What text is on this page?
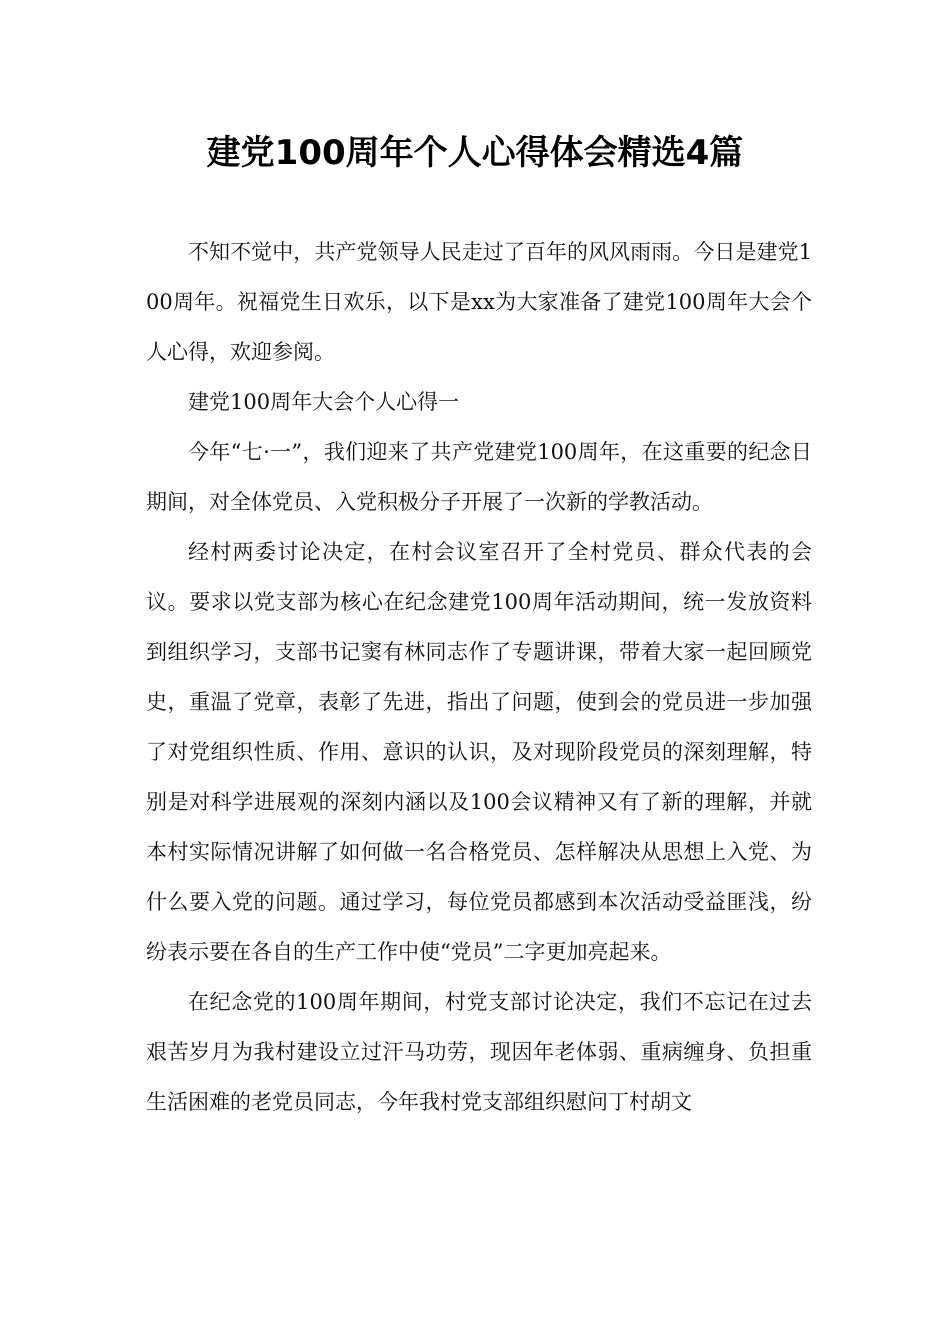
建党100周年个人心得体会精选4篇

不知不觉中，共产党领导人民走过了百年的风风雨雨。今日是建党100周年。祝福党生日欢乐，以下是xx为大家准备了建党100周年大会个人心得，欢迎参阅。

建党100周年大会个人心得一

今年“七·一”，我们迎来了共产党建党100周年，在这重要的纪念日期间，对全体党员、入党积极分子开展了一次新的学教活动。

经村两委讨论决定，在村会议室召开了全村党员、群众代表的会议。要求以党支部为核心在纪念建党100周年活动期间，统一发放资料到组织学习，支部书记窦有林同志作了专题讲课，带着大家一起回顾党史，重温了党章，表彰了先进，指出了问题，使到会的党员进一步加强了对党组织性质、作用、意识的认识，及对现阶段党员的深刻理解，特别是对科学进展观的深刻内涵以及100会议精神又有了新的理解，并就本村实际情况讲解了如何做一名合格党员、怎样解决从思想上入党、为什么要入党的问题。通过学习，每位党员都感到本次活动受益匪浅，纷纷表示要在各自的生产工作中使“党员”二字更加亮起来。

在纪念党的100周年期间，村党支部讨论决定，我们不忘记在过去艰苦岁月为我村建设立过汗马功劳，现因年老体弱、重病缠身、负担重生活困难的老党员同志，今年我村党支部组织慰问丁村胡文
